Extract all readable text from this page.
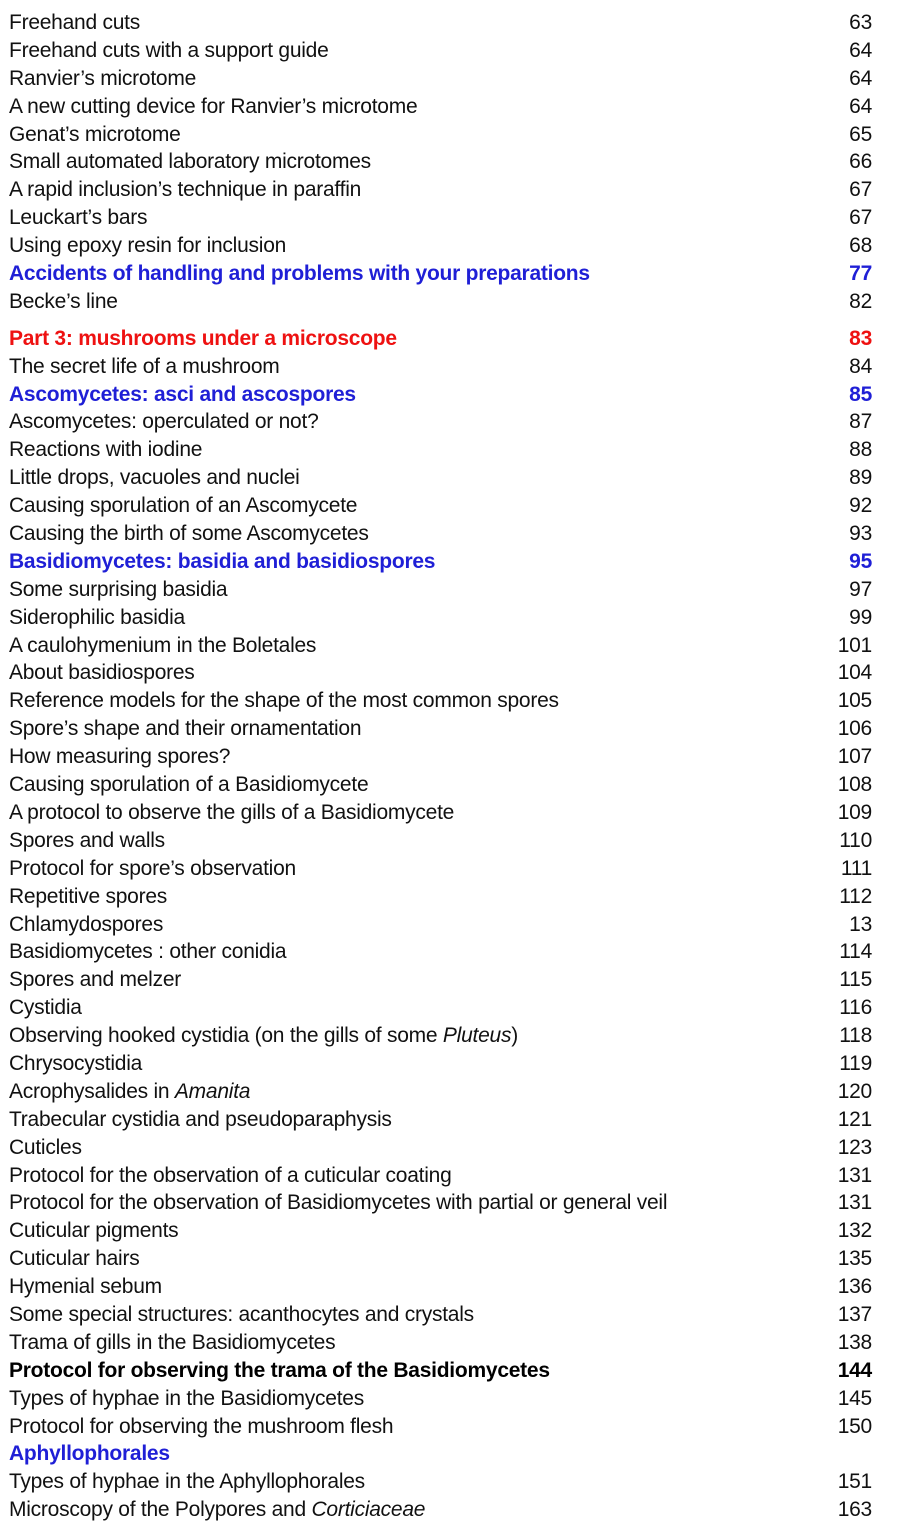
Freehand cuts	63
Freehand cuts with a support guide	64
Ranvier’s microtome	64
A new cutting device for Ranvier’s microtome	64
Genat’s microtome	65
Small automated laboratory microtomes	66
A rapid inclusion’s technique in paraffin	67
Leuckart’s bars	67
Using epoxy resin for inclusion	68
Accidents of handling and problems with your preparations	77
Becke’s line	82
Part 3: mushrooms under a microscope	83
The secret life of a mushroom	84
Ascomycetes: asci and ascospores	85
Ascomycetes: operculated or not?	87
Reactions with iodine	88
Little drops, vacuoles and nuclei	89
Causing sporulation of an Ascomycete	92
Causing the birth of some Ascomycetes	93
Basidiomycetes: basidia and basidiospores	95
Some surprising basidia	97
Siderophilic basidia	99
A caulohymenium in the Boletales	101
About basidiospores	104
Reference models for the shape of the most common spores	105
Spore’s shape and their ornamentation	106
How measuring spores?	107
Causing sporulation of a Basidiomycete	108
A protocol to observe the gills of a Basidiomycete	109
Spores and walls	110
Protocol for spore’s observation	111
Repetitive spores	112
Chlamydospores	13
Basidiomycetes : other conidia	114
Spores and melzer	115
Cystidia	116
Observing hooked cystidia (on the gills of some Pluteus)	118
Chrysocystidia	119
Acrophysalides in Amanita	120
Trabecular cystidia and pseudoparaphysis	121
Cuticles	123
Protocol for the observation of a cuticular coating	131
Protocol for the observation of Basidiomycetes with partial or general veil	131
Cuticular pigments	132
Cuticular hairs	135
Hymenial sebum	136
Some special structures: acanthocytes and crystals	137
Trama of gills in the Basidiomycetes	138
Protocol for observing the trama of the Basidiomycetes	144
Types of hyphae in the Basidiomycetes	145
Protocol for observing the mushroom flesh	150
Aphyllophorales
Types of hyphae in the Aphyllophorales	151
Microscopy of the Polypores and Corticiaceae	163
